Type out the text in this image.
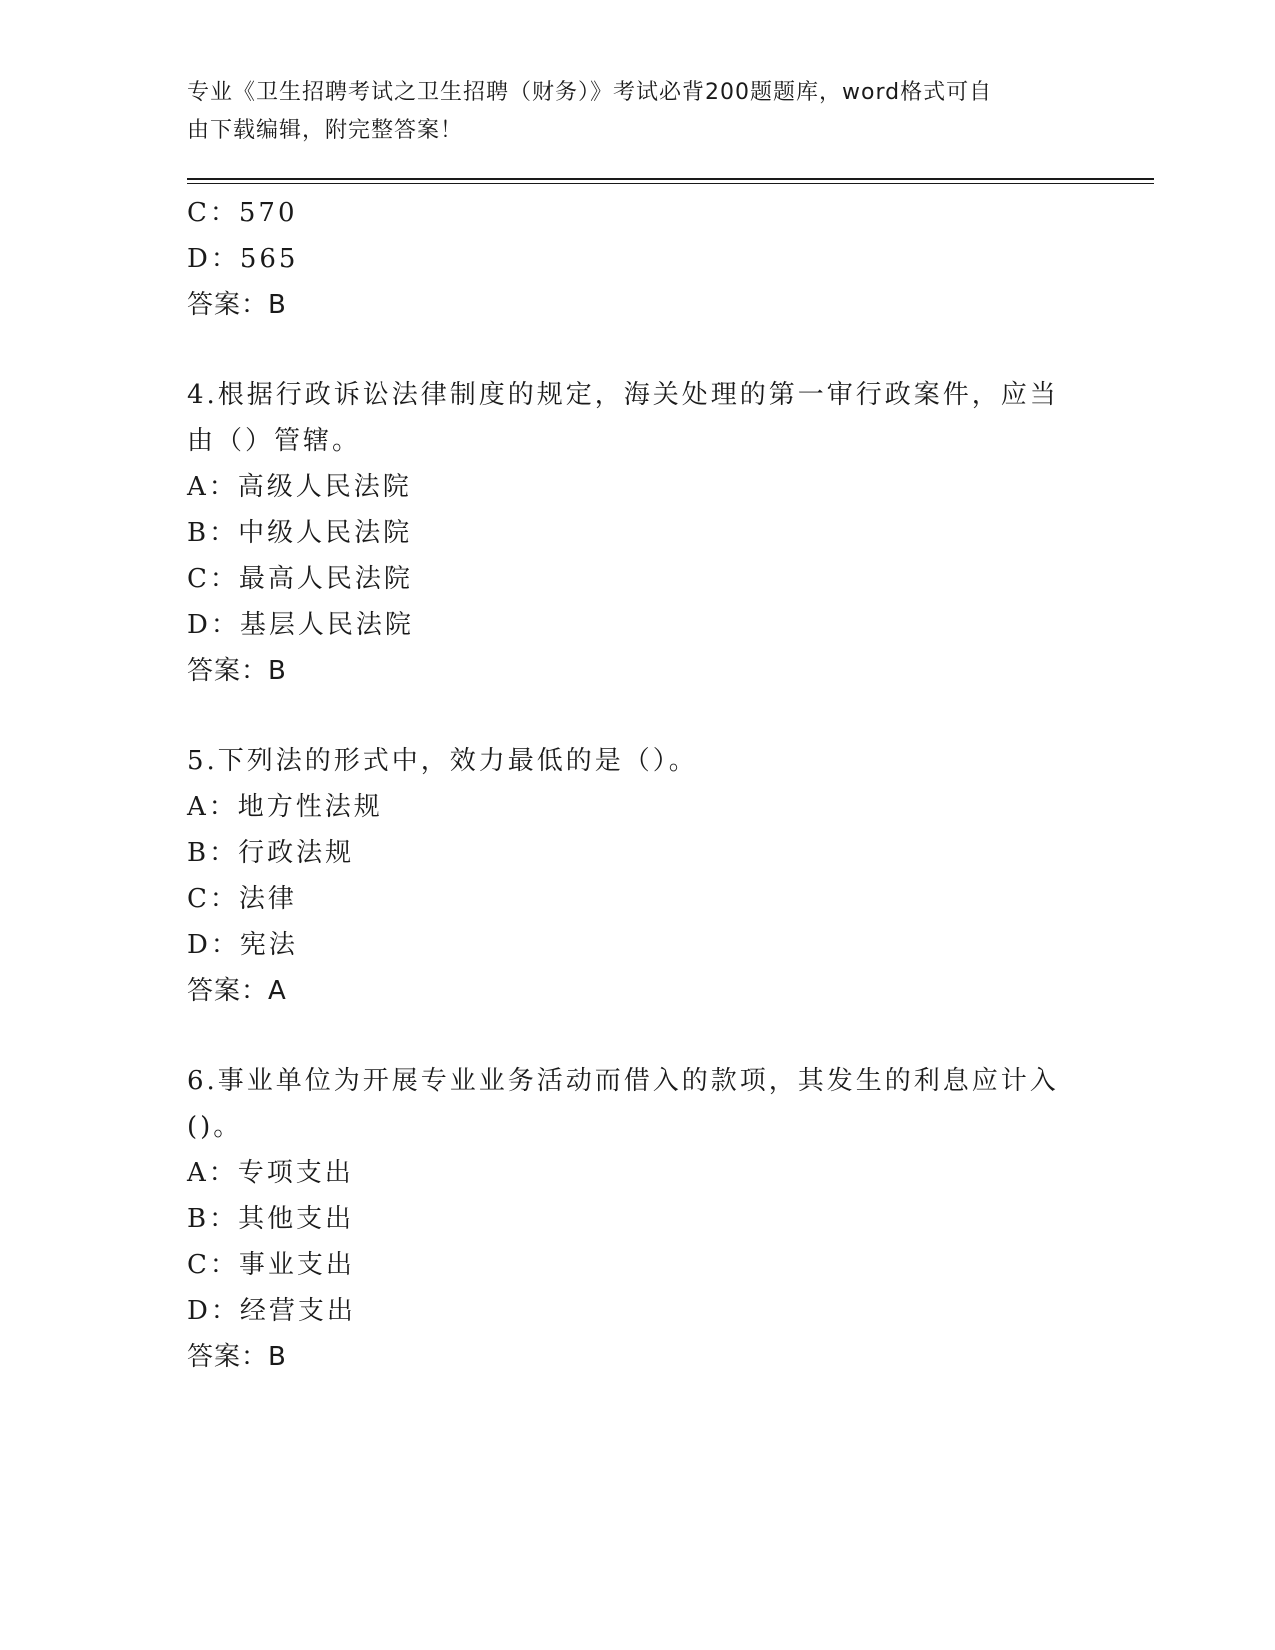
专业《卫生招聘考试之卫生招聘（财务）》考试必背200题题库，word格式可自
由下载编辑，附完整答案！
C：570
D：565
答案：B
4.根据行政诉讼法律制度的规定，海关处理的第一审行政案件，应当
由（）管辖。
A：高级人民法院
B：中级人民法院
C：最高人民法院
D：基层人民法院
答案：B
5.下列法的形式中，效力最低的是（）。
A：地方性法规
B：行政法规
C：法律
D：宪法
答案：A
6.事业单位为开展专业业务活动而借入的款项，其发生的利息应计入
()。
A：专项支出
B：其他支出
C：事业支出
D：经营支出
答案：B
